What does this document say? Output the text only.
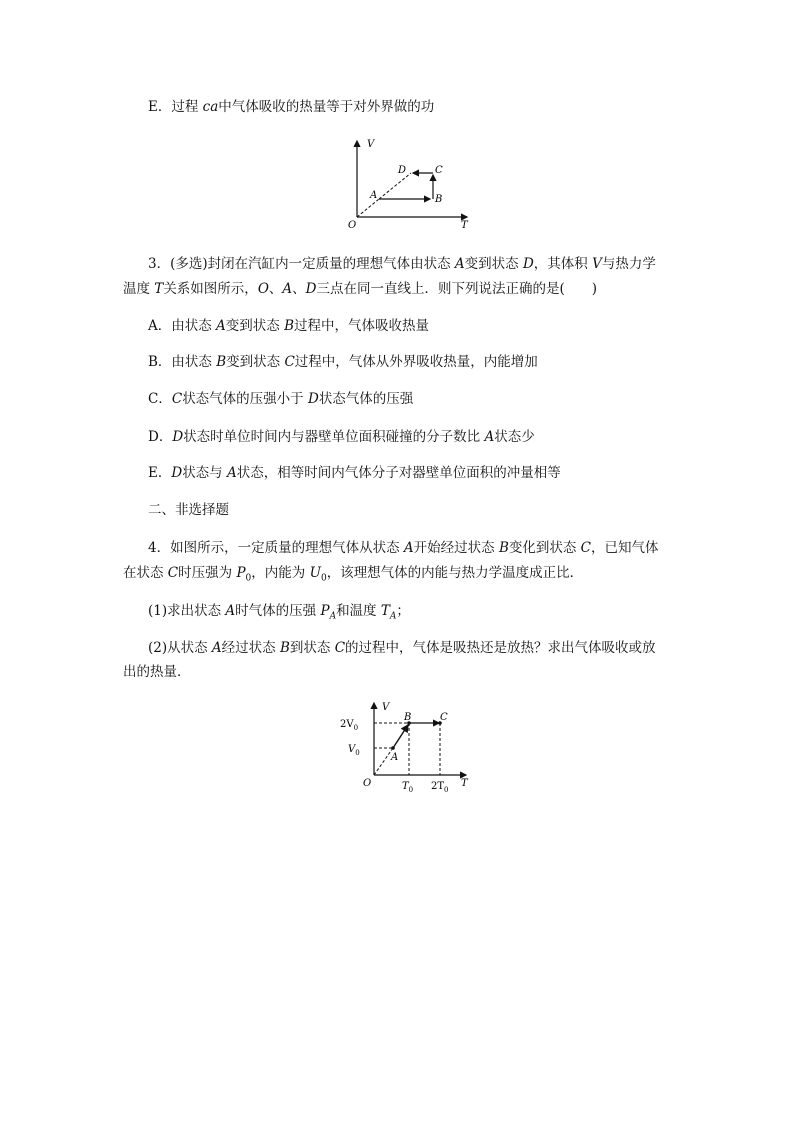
E．过程 ca中气体吸收的热量等于对外界做的功
V
T
O
A	B
C
D
3．(多选)封闭在汽缸内一定质量的理想气体由状态 A变到状态 D，其体积 V与热力学
温度 T关系如图所示，O、A、D三点在同一直线上．则下列说法正确的是(　　)
A．由状态 A变到状态 B过程中，气体吸收热量
B．由状态 B变到状态 C过程中，气体从外界吸收热量，内能增加
C．C状态气体的压强小于 D状态气体的压强
D．D状态时单位时间内与器壁单位面积碰撞的分子数比 A状态少
E．D状态与 A状态，相等时间内气体分子对器壁单位面积的冲量相等
二、非选择题
4．如图所示，一定质量的理想气体从状态 A开始经过状态 B变化到状态 C，已知气体
在状态 C时压强为 $P_0$，内能为 $U_0$，该理想气体的内能与热力学温度成正比．
(1)求出状态 A时气体的压强 $P_A$和温度 $T_A$；
(2)从状态 A经过状态 B到状态 C的过程中，气体是吸热还是放热？求出气体吸收或放
出的热量．
V
T
O
A
B	C
$2V_0$
$V_0$
$T_0$ $2T_0$
